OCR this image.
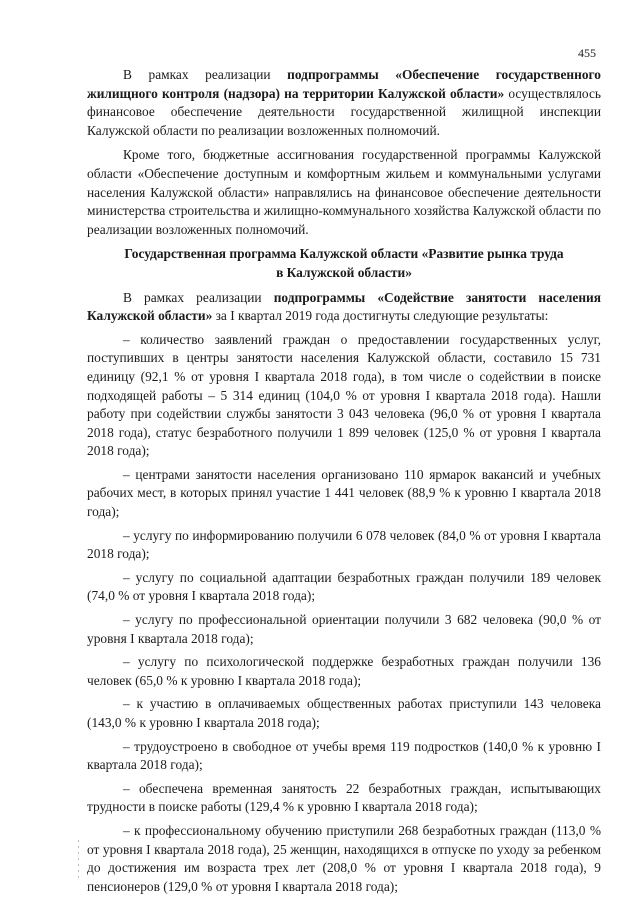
455

В рамках реализации подпрограммы «Обеспечение государственного жилищного контроля (надзора) на территории Калужской области» осуществлялось финансовое обеспечение деятельности государственной жилищной инспекции Калужской области по реализации возложенных полномочий.

Кроме того, бюджетные ассигнования государственной программы Калужской области «Обеспечение доступным и комфортным жильем и коммунальными услугами населения Калужской области» направлялись на финансовое обеспечение деятельности министерства строительства и жилищно-коммунального хозяйства Калужской области по реализации возложенных полномочий.

Государственная программа Калужской области «Развитие рынка труда
в Калужской области»

В рамках реализации подпрограммы «Содействие занятости населения Калужской области» за I квартал 2019 года достигнуты следующие результаты:

– количество заявлений граждан о предоставлении государственных услуг, поступивших в центры занятости населения Калужской области, составило 15 731 единицу (92,1 % от уровня I квартала 2018 года), в том числе о содействии в поиске подходящей работы – 5 314 единиц (104,0 % от уровня I квартала 2018 года). Нашли работу при содействии службы занятости 3 043 человека (96,0 % от уровня I квартала 2018 года), статус безработного получили 1 899 человек (125,0 % от уровня I квартала 2018 года);

– центрами занятости населения организовано 110 ярмарок вакансий и учебных рабочих мест, в которых принял участие 1 441 человек (88,9 % к уровню I квартала 2018 года);

– услугу по информированию получили 6 078 человек (84,0 % от уровня I квартала 2018 года);

– услугу по социальной адаптации безработных граждан получили 189 человек (74,0 % от уровня I квартала 2018 года);

– услугу по профессиональной ориентации получили 3 682 человека (90,0 % от уровня I квартала 2018 года);

– услугу по психологической поддержке безработных граждан получили 136 человек (65,0 % к уровню I квартала 2018 года);

– к участию в оплачиваемых общественных работах приступили 143 человека (143,0 % к уровню I квартала 2018 года);

– трудоустроено в свободное от учебы время 119 подростков (140,0 % к уровню I квартала 2018 года);

– обеспечена временная занятость 22 безработных граждан, испытывающих трудности в поиске работы (129,4 % к уровню I квартала 2018 года);

– к профессиональному обучению приступили 268 безработных граждан (113,0 % от уровня I квартала 2018 года), 25 женщин, находящихся в отпуске по уходу за ребенком до достижения им возраста трех лет (208,0 % от уровня I квартала 2018 года), 9 пенсионеров (129,0 % от уровня I квартала 2018 года);
